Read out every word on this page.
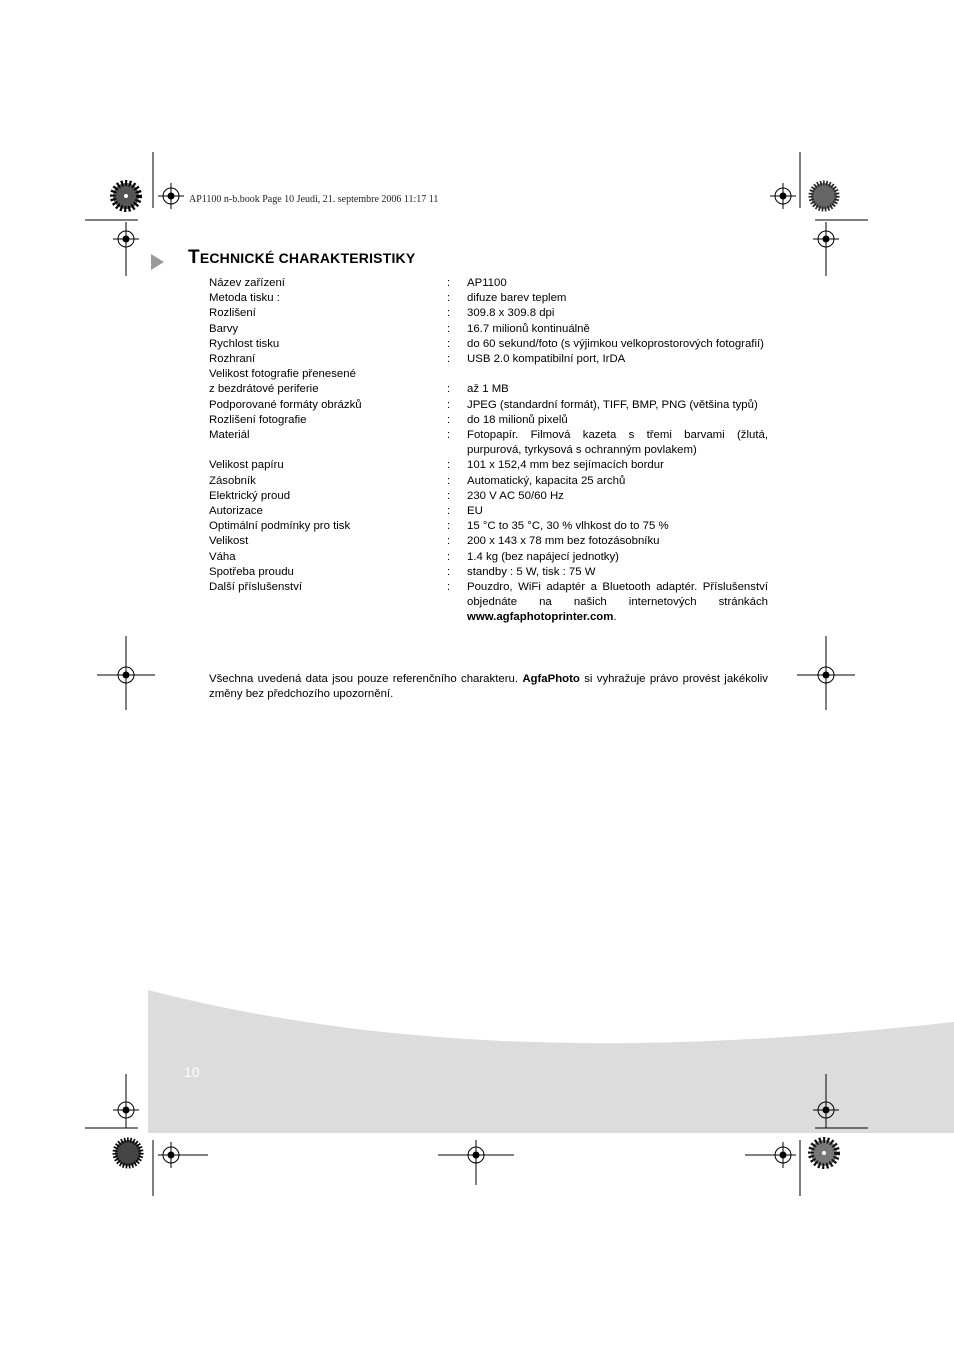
AP1100 n-b.book Page 10 Jeudi, 21. septembre 2006 11:17 11
TECHNICKÉ CHARAKTERISTIKY
Název zařízení	:	AP1100
Metoda tisku :	:	difuze barev teplem
Rozlišení	:	309.8 x 309.8 dpi
Barvy	:	16.7 milionů kontinuálně
Rychlost tisku	:	do 60 sekund/foto (s výjimkou velkoprostorových fotografií)
Rozhraní	:	USB 2.0 kompatibilní port, IrDA
Velikost fotografie přenesené
z bezdrátové periferie	:	až 1 MB
Podporované formáty obrázků	:	JPEG (standardní formát), TIFF, BMP, PNG (většina typů)
Rozlišení fotografie	:	do 18 milionů pixelů
Materiál	:	Fotopapír. Filmová kazeta s třemi barvami (žlutá, purpurová, tyrkysová s ochranným povlakem)
Velikost papíru	:	101 x 152,4 mm bez sejímacích bordur
Zásobník	:	Automatický, kapacita 25 archů
Elektrický proud	:	230 V AC 50/60 Hz
Autorizace	:	EU
Optimální podmínky pro tisk	:	15 °C to 35 °C, 30 % vlhkost do to 75 %
Velikost	:	200 x 143 x 78 mm bez fotozásobníku
Váha	:	1.4 kg (bez napájecí jednotky)
Spotřeba proudu	:	standby : 5 W, tisk : 75 W
Další příslušenství	:	Pouzdro, WiFi adaptér a Bluetooth adaptér. Příslušenství objednáte na našich internetových stránkách www.agfaphotoprinter.com.
Všechna uvedená data jsou pouze referenčního charakteru. AgfaPhoto si vyhražuje právo provést jakékoliv změny bez předchozího upozornění.
10
